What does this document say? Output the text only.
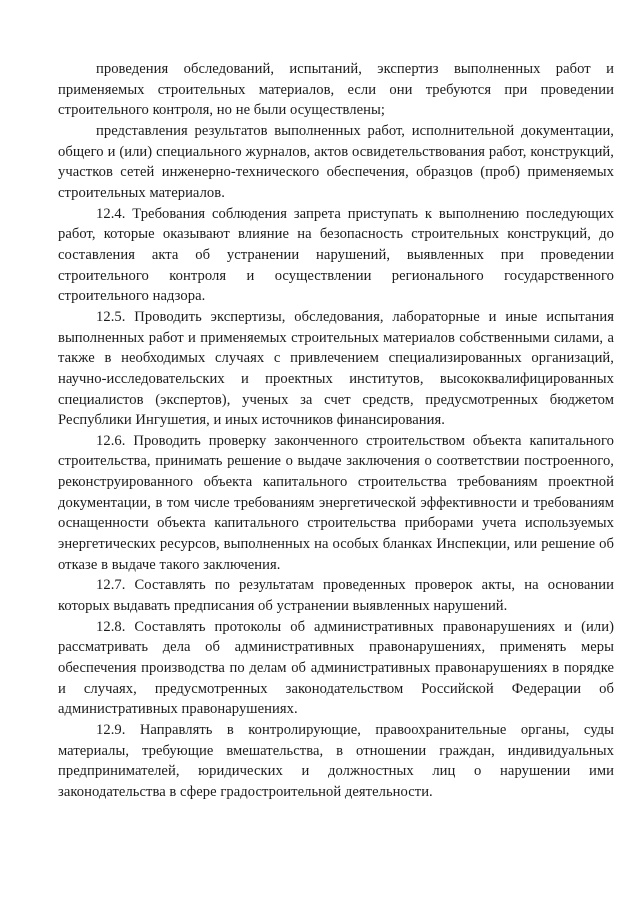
проведения обследований, испытаний, экспертиз выполненных работ и применяемых строительных материалов, если они требуются при проведении строительного контроля, но не были осуществлены;

представления результатов выполненных работ, исполнительной документации, общего и (или) специального журналов, актов освидетельствования работ, конструкций, участков сетей инженерно-технического обеспечения, образцов (проб) применяемых строительных материалов.

12.4. Требования соблюдения запрета приступать к выполнению последующих работ, которые оказывают влияние на безопасность строительных конструкций, до составления акта об устранении нарушений, выявленных при проведении строительного контроля и осуществлении регионального государственного строительного надзора.

12.5. Проводить экспертизы, обследования, лабораторные и иные испытания выполненных работ и применяемых строительных материалов собственными силами, а также в необходимых случаях с привлечением специализированных организаций, научно-исследовательских и проектных институтов, высококвалифицированных специалистов (экспертов), ученых за счет средств, предусмотренных бюджетом Республики Ингушетия, и иных источников финансирования.

12.6. Проводить проверку законченного строительством объекта капитального строительства, принимать решение о выдаче заключения о соответствии построенного, реконструированного объекта капитального строительства требованиям проектной документации, в том числе требованиям энергетической эффективности и требованиям оснащенности объекта капитального строительства приборами учета используемых энергетических ресурсов, выполненных на особых бланках Инспекции, или решение об отказе в выдаче такого заключения.

12.7. Составлять по результатам проведенных проверок акты, на основании которых выдавать предписания об устранении выявленных нарушений.

12.8. Составлять протоколы об административных правонарушениях и (или) рассматривать дела об административных правонарушениях, применять меры обеспечения производства по делам об административных правонарушениях в порядке и случаях, предусмотренных законодательством Российской Федерации об административных правонарушениях.

12.9. Направлять в контролирующие, правоохранительные органы, суды материалы, требующие вмешательства, в отношении граждан, индивидуальных предпринимателей, юридических и должностных лиц о нарушении ими законодательства в сфере градостроительной деятельности.
